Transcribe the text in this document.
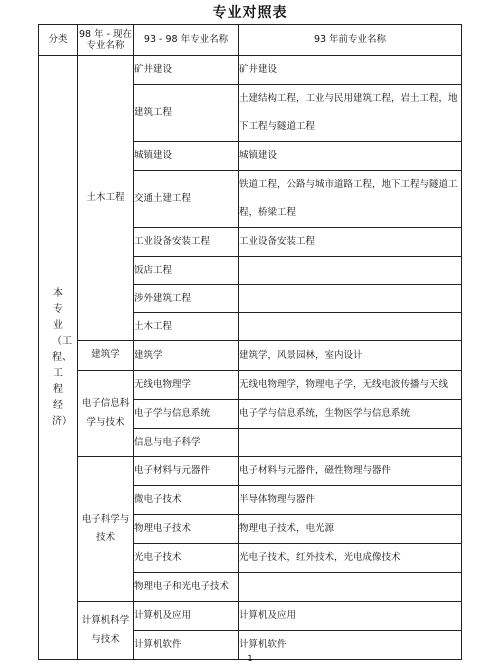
专业对照表
分类	98 年 - 现在专业名称	93 - 98 年专业名称	93 年前专业名称

本专业（工程、工程经济）	土木工程	矿井建设	矿井建设
		建筑工程	土建结构工程，工业与民用建筑工程，岩土工程，地下工程与隧道工程
		城镇建设	城镇建设
		交通土建工程	铁道工程，公路与城市道路工程，地下工程与隧道工程，桥梁工程
		工业设备安装工程	工业设备安装工程
		饭店工程	
		涉外建筑工程	
		土木工程	
	建筑学	建筑学	建筑学，风景园林，室内设计
	电子信息科学与技术	无线电物理学	无线电物理学，物理电子学，无线电波传播与天线
		电子学与信息系统	电子学与信息系统，生物医学与信息系统
		信息与电子科学	
	电子科学与技术	电子材料与元器件	电子材料与元器件，磁性物理与器件
		微电子技术	半导体物理与器件
		物理电子技术	物理电子技术，电光源
		光电子技术	光电子技术，红外技术，光电成像技术
		物理电子和光电子技术	
	计算机科学与技术	计算机及应用	计算机及应用
		计算机软件	计算机软件
1
